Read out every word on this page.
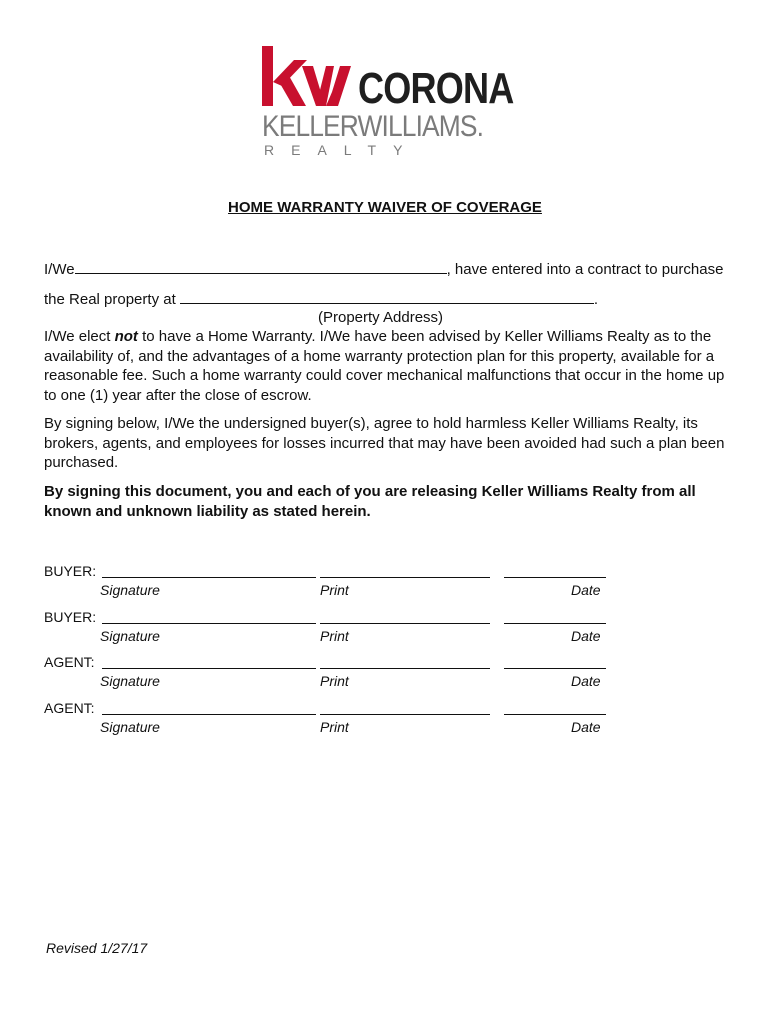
CORONA
KELLERWILLIAMS.
REALTY
HOME WARRANTY WAIVER OF COVERAGE
I/We	, have entered into a contract to purchase
the Real property at	.
(Property Address)
I/We elect not to have a Home Warranty. I/We have been advised by Keller Williams Realty as to the availability of, and the advantages of a home warranty protection plan for this property, available for a reasonable fee. Such a home warranty could cover mechanical malfunctions that occur in the home up to one (1) year after the close of escrow.
By signing below, I/We the undersigned buyer(s), agree to hold harmless Keller Williams Realty, its brokers, agents, and employees for losses incurred that may have been avoided had such a plan been purchased.
By signing this document, you and each of you are releasing Keller Williams Realty from all known and unknown liability as stated herein.
BUYER:
Signature	Print	Date
BUYER:
Signature	Print	Date
AGENT:
Signature	Print	Date
AGENT:
Signature	Print	Date
Revised 1/27/17
